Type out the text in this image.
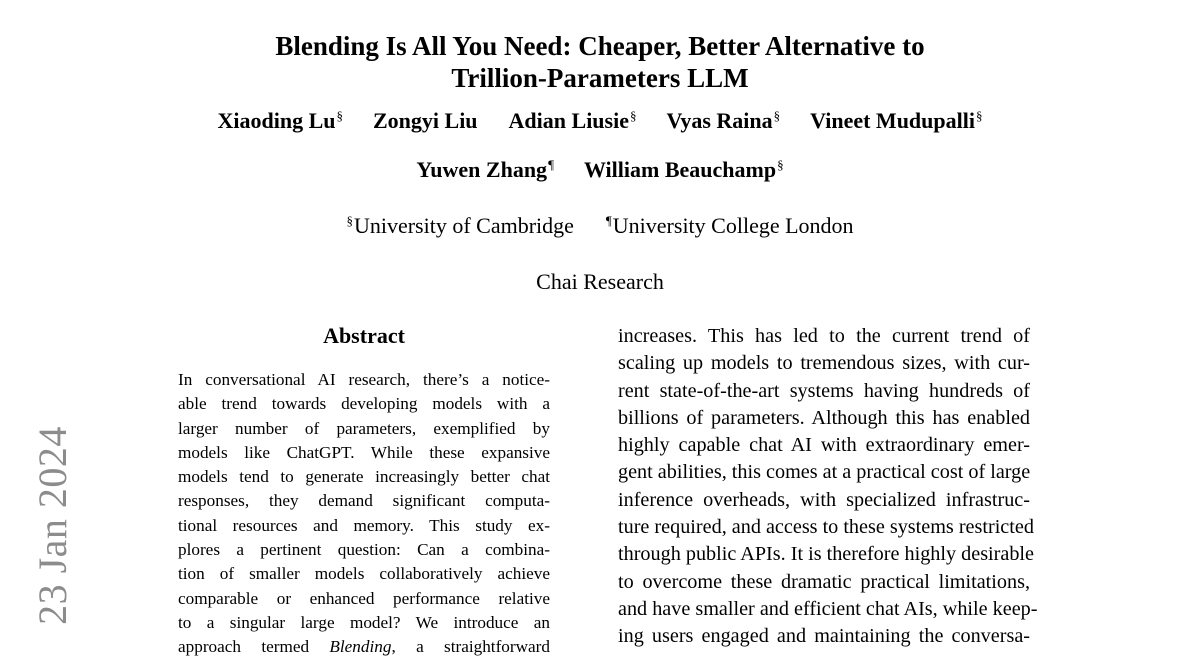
23 Jan 2024
Blending Is All You Need: Cheaper, Better Alternative to
Trillion-Parameters LLM
Xiaoding Lu§ Zongyi Liu Adian Liusie§ Vyas Raina§ Vineet Mudupalli§
Yuwen Zhang¶ William Beauchamp§
§University of Cambridge ¶University College London
Chai Research
Abstract
In conversational AI research, there’s a notice-
able trend towards developing models with a
larger number of parameters, exemplified by
models like ChatGPT. While these expansive
models tend to generate increasingly better chat
responses, they demand significant computa-
tional resources and memory. This study ex-
plores a pertinent question: Can a combina-
tion of smaller models collaboratively achieve
comparable or enhanced performance relative
to a singular large model? We introduce an
approach termed Blending, a straightforward
increases. This has led to the current trend of
scaling up models to tremendous sizes, with cur-
rent state-of-the-art systems having hundreds of
billions of parameters. Although this has enabled
highly capable chat AI with extraordinary emer-
gent abilities, this comes at a practical cost of large
inference overheads, with specialized infrastruc-
ture required, and access to these systems restricted
through public APIs. It is therefore highly desirable
to overcome these dramatic practical limitations,
and have smaller and efficient chat AIs, while keep-
ing users engaged and maintaining the conversa-
